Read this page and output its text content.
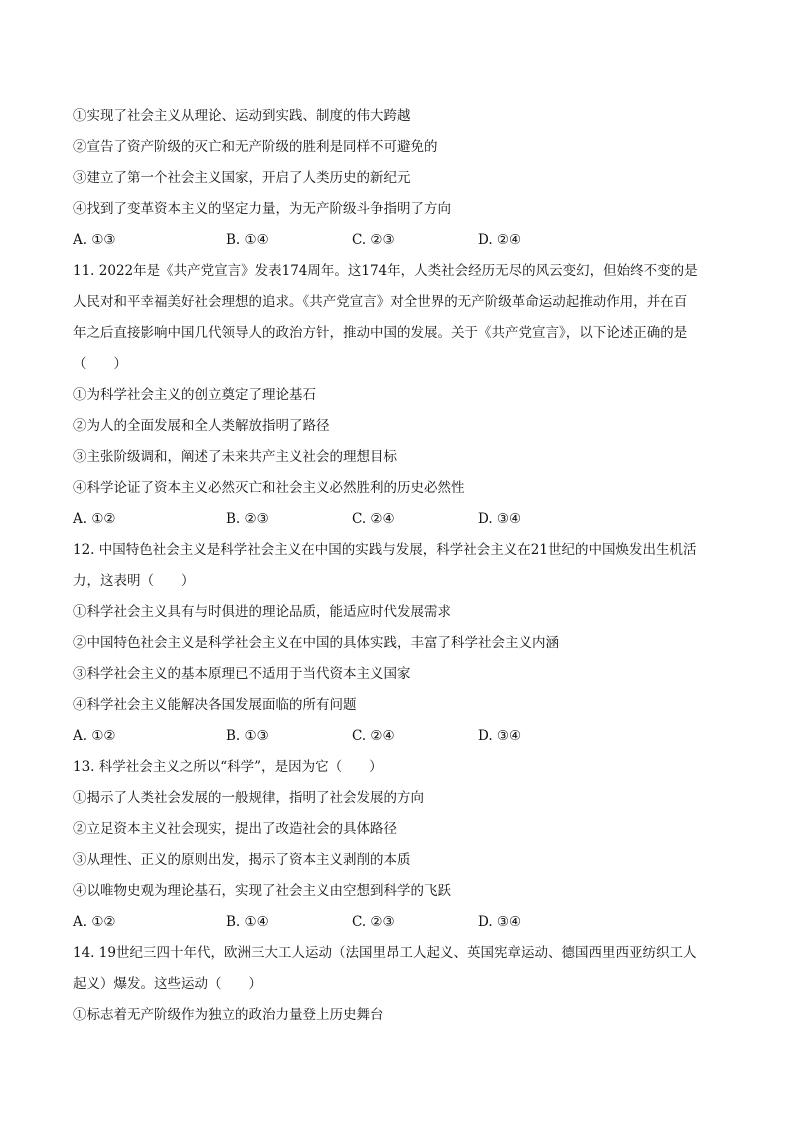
①实现了社会主义从理论、运动到实践、制度的伟大跨越
②宣告了资产阶级的灭亡和无产阶级的胜利是同样不可避免的
③建立了第一个社会主义国家，开启了人类历史的新纪元
④找到了变革资本主义的坚定力量，为无产阶级斗争指明了方向
A. ①③	B. ①④	C. ②③	D. ②④
11. 2022年是《共产党宣言》发表174周年。这174年，人类社会经历无尽的风云变幻，但始终不变的是
人民对和平幸福美好社会理想的追求。《共产党宣言》对全世界的无产阶级革命运动起推动作用，并在百
年之后直接影响中国几代领导人的政治方针，推动中国的发展。关于《共产党宣言》，以下论述正确的是
（　　）
①为科学社会主义的创立奠定了理论基石
②为人的全面发展和全人类解放指明了路径
③主张阶级调和，阐述了未来共产主义社会的理想目标
④科学论证了资本主义必然灭亡和社会主义必然胜利的历史必然性
A. ①②	B. ②③	C. ②④	D. ③④
12. 中国特色社会主义是科学社会主义在中国的实践与发展，科学社会主义在21世纪的中国焕发出生机活
力，这表明（　　）
①科学社会主义具有与时俱进的理论品质，能适应时代发展需求
②中国特色社会主义是科学社会主义在中国的具体实践，丰富了科学社会主义内涵
③科学社会主义的基本原理已不适用于当代资本主义国家
④科学社会主义能解决各国发展面临的所有问题
A. ①②	B. ①③	C. ②④	D. ③④
13. 科学社会主义之所以“科学”，是因为它（　　）
①揭示了人类社会发展的一般规律，指明了社会发展的方向
②立足资本主义社会现实，提出了改造社会的具体路径
③从理性、正义的原则出发，揭示了资本主义剥削的本质
④以唯物史观为理论基石，实现了社会主义由空想到科学的飞跃
A. ①②	B. ①④	C. ②③	D. ③④
14. 19世纪三四十年代，欧洲三大工人运动（法国里昂工人起义、英国宪章运动、德国西里西亚纺织工人
起义）爆发。这些运动（　　）
①标志着无产阶级作为独立的政治力量登上历史舞台
